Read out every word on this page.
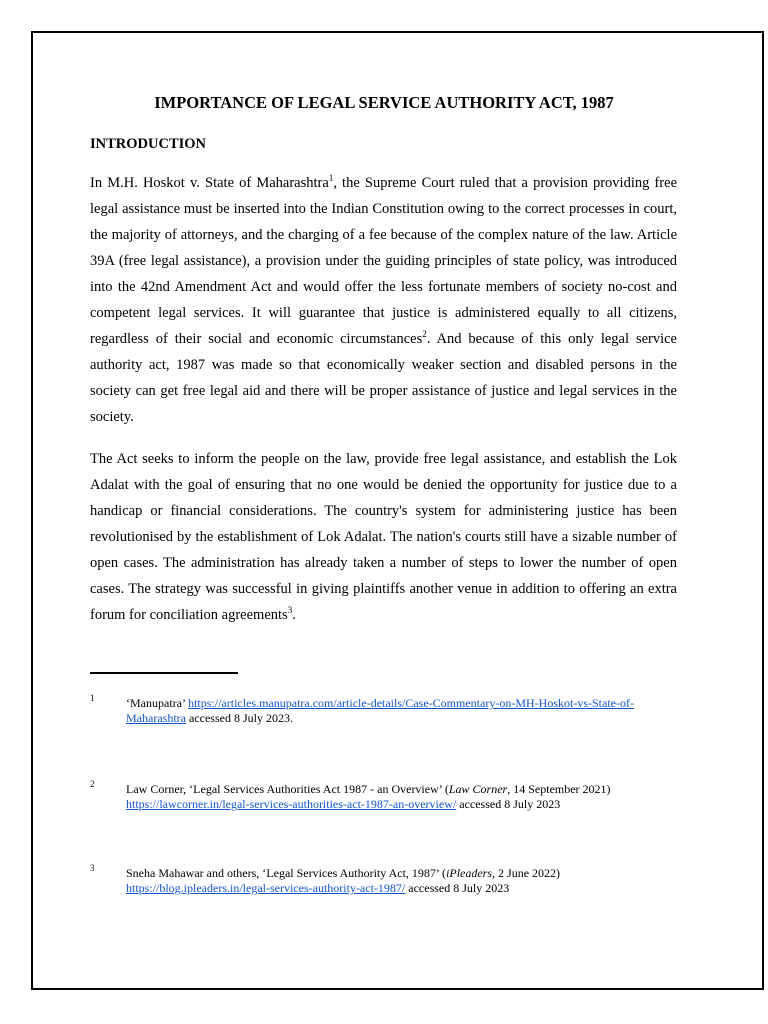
IMPORTANCE OF LEGAL SERVICE AUTHORITY ACT, 1987
INTRODUCTION

In M.H. Hoskot v. State of Maharashtra$^1$, the Supreme Court ruled that a provision providing free legal assistance must be inserted into the Indian Constitution owing to the correct processes in court, the majority of attorneys, and the charging of a fee because of the complex nature of the law. Article 39A (free legal assistance), a provision under the guiding principles of state policy, was introduced into the 42nd Amendment Act and would offer the less fortunate members of society no-cost and competent legal services. It will guarantee that justice is administered equally to all citizens, regardless of their social and economic circumstances$^2$. And because of this only legal service authority act, 1987 was made so that economically weaker section and disabled persons in the society can get free legal aid and there will be proper assistance of justice and legal services in the society.

The Act seeks to inform the people on the law, provide free legal assistance, and establish the Lok Adalat with the goal of ensuring that no one would be denied the opportunity for justice due to a handicap or financial considerations. The country's system for administering justice has been revolutionised by the establishment of Lok Adalat. The nation's courts still have a sizable number of open cases. The administration has already taken a number of steps to lower the number of open cases. The strategy was successful in giving plaintiffs another venue in addition to offering an extra forum for conciliation agreements$^3$.

1	‘Manupatra’ https://articles.manupatra.com/article-details/Case-Commentary-on-MH-Hoskot-vs-State-of-Maharashtra accessed 8 July 2023.
2	Law Corner, ‘Legal Services Authorities Act 1987 - an Overview’ (Law Corner, 14 September 2021)
https://lawcorner.in/legal-services-authorities-act-1987-an-overview/ accessed 8 July 2023
3	Sneha Mahawar and others, ‘Legal Services Authority Act, 1987’ (iPleaders, 2 June 2022)
https://blog.ipleaders.in/legal-services-authority-act-1987/ accessed 8 July 2023
